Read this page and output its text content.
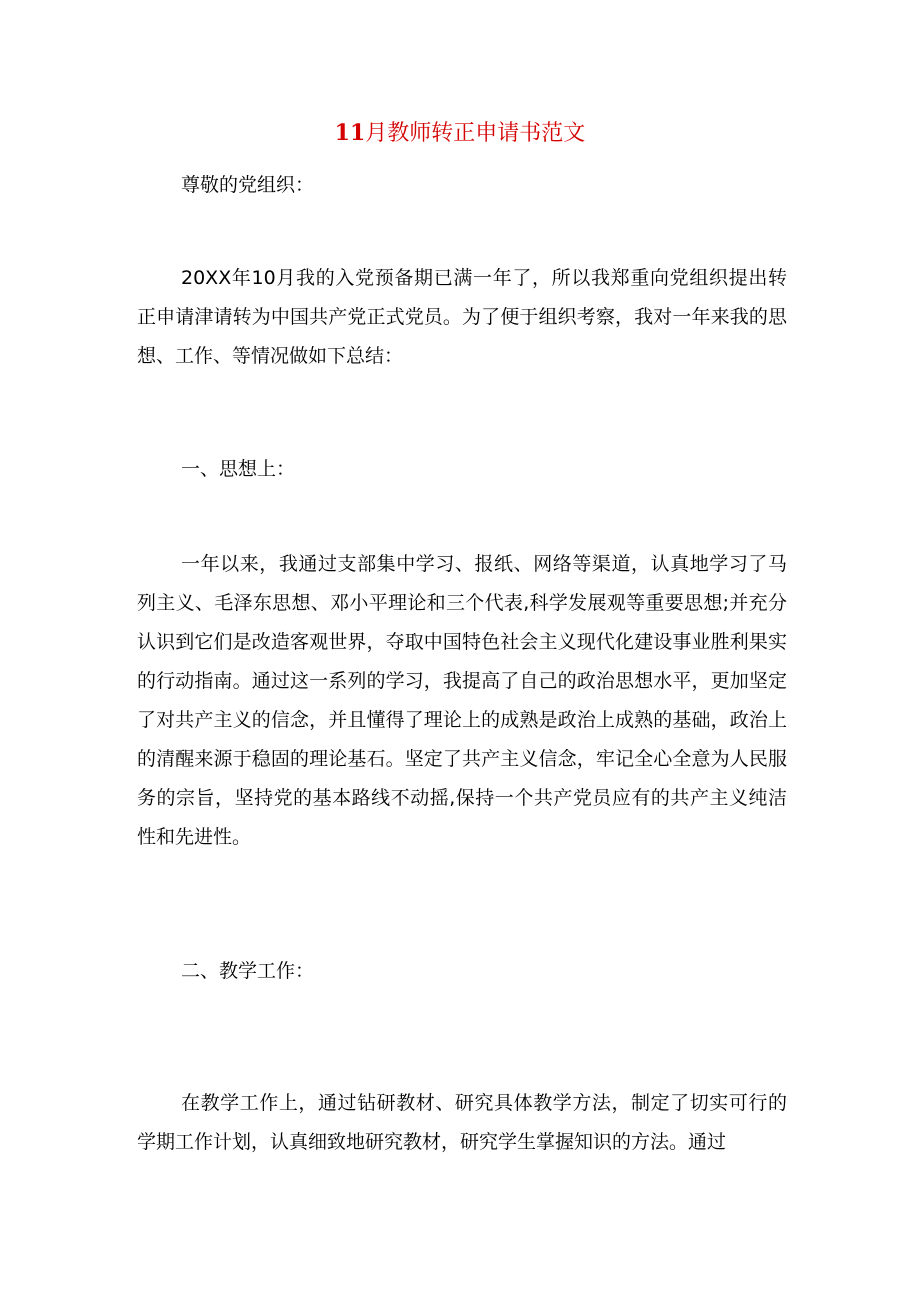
11月教师转正申请书范文

尊敬的党组织：

20XX年10月我的入党预备期已满一年了，所以我郑重向党组织提出转正申请津请转为中国共产党正式党员。为了便于组织考察，我对一年来我的思想、工作、等情况做如下总结：

一、思想上：

一年以来，我通过支部集中学习、报纸、网络等渠道，认真地学习了马列主义、毛泽东思想、邓小平理论和三个代表,科学发展观等重要思想;并充分认识到它们是改造客观世界，夺取中国特色社会主义现代化建设事业胜利果实的行动指南。通过这一系列的学习，我提高了自己的政治思想水平，更加坚定了对共产主义的信念，并且懂得了理论上的成熟是政治上成熟的基础，政治上的清醒来源于稳固的理论基石。坚定了共产主义信念，牢记全心全意为人民服务的宗旨，坚持党的基本路线不动摇,保持一个共产党员应有的共产主义纯洁性和先进性。

二、教学工作：

在教学工作上，通过钻研教材、研究具体教学方法，制定了切实可行的学期工作计划，认真细致地研究教材，研究学生掌握知识的方法。通过
